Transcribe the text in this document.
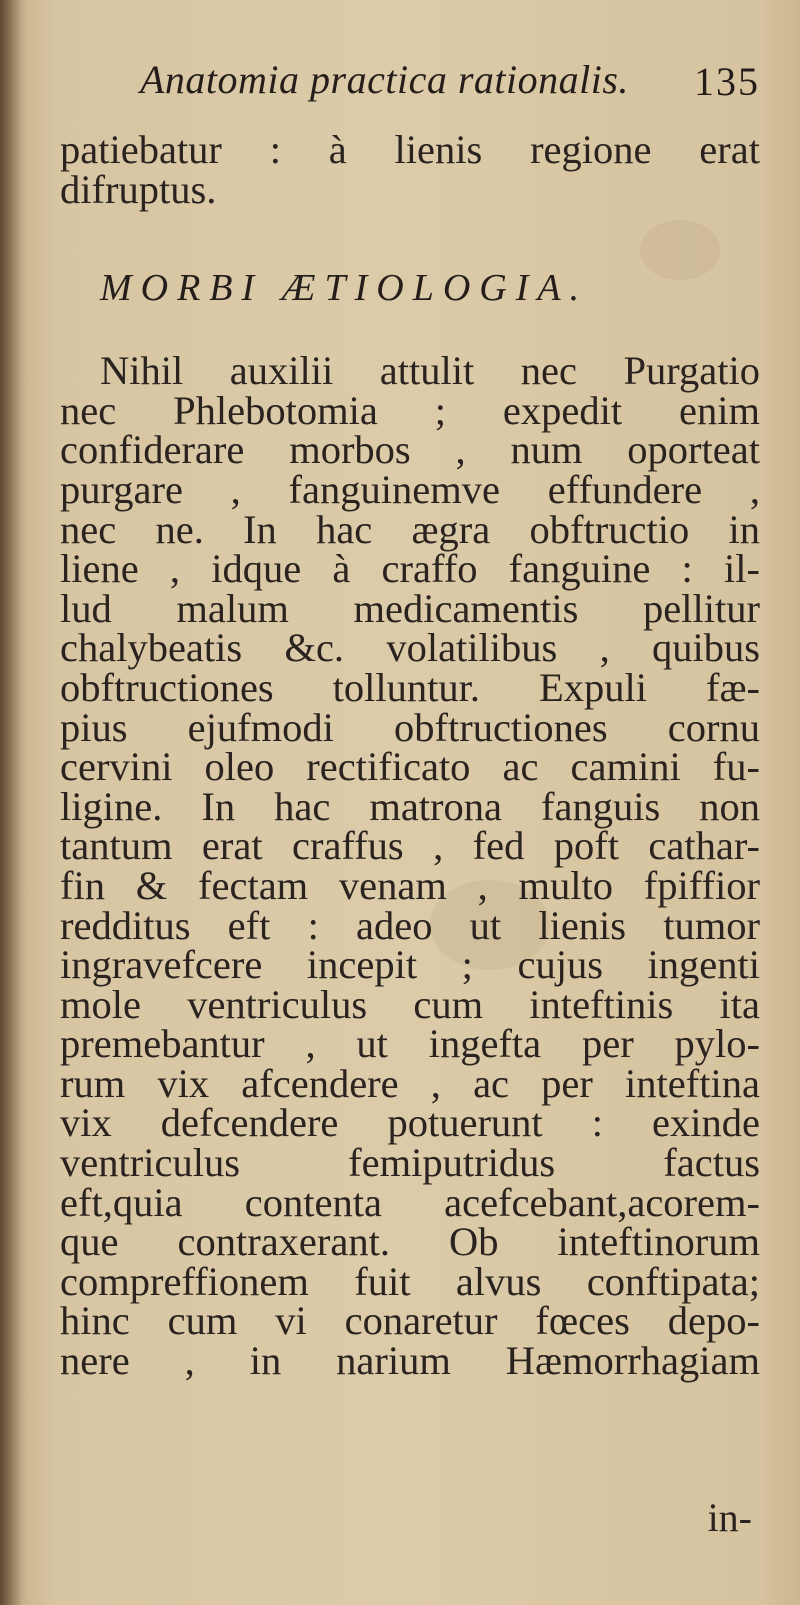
Anatomia practica rationalis. 135
patiebatur : à lienis regione erat
difruptus.
MORBI ÆTIOLOGIA.
Nihil auxilii attulit nec Purgatio
nec Phlebotomia ; expedit enim
confiderare morbos , num oporteat
purgare , fanguinemve effundere ,
nec ne. In hac ægra obftructio in
liene , idque à craffo fanguine : il-
lud malum medicamentis pellitur
chalybeatis &c. volatilibus , quibus
obftructiones tolluntur. Expuli fæ-
pius ejufmodi obftructiones cornu
cervini oleo rectificato ac camini fu-
ligine. In hac matrona fanguis non
tantum erat craffus , fed poft cathar-
fin & fectam venam , multo fpiffior
redditus eft : adeo ut lienis tumor
ingravefcere incepit ; cujus ingenti
mole ventriculus cum inteftinis ita
premebantur , ut ingefta per pylo-
rum vix afcendere , ac per inteftina
vix defcendere potuerunt : exinde
ventriculus femiputridus factus
eft,quia contenta acefcebant,acorem-
que contraxerant. Ob inteftinorum
compreffionem fuit alvus conftipata;
hinc cum vi conaretur fœces depo-
nere , in narium Hæmorrhagiam
in-
